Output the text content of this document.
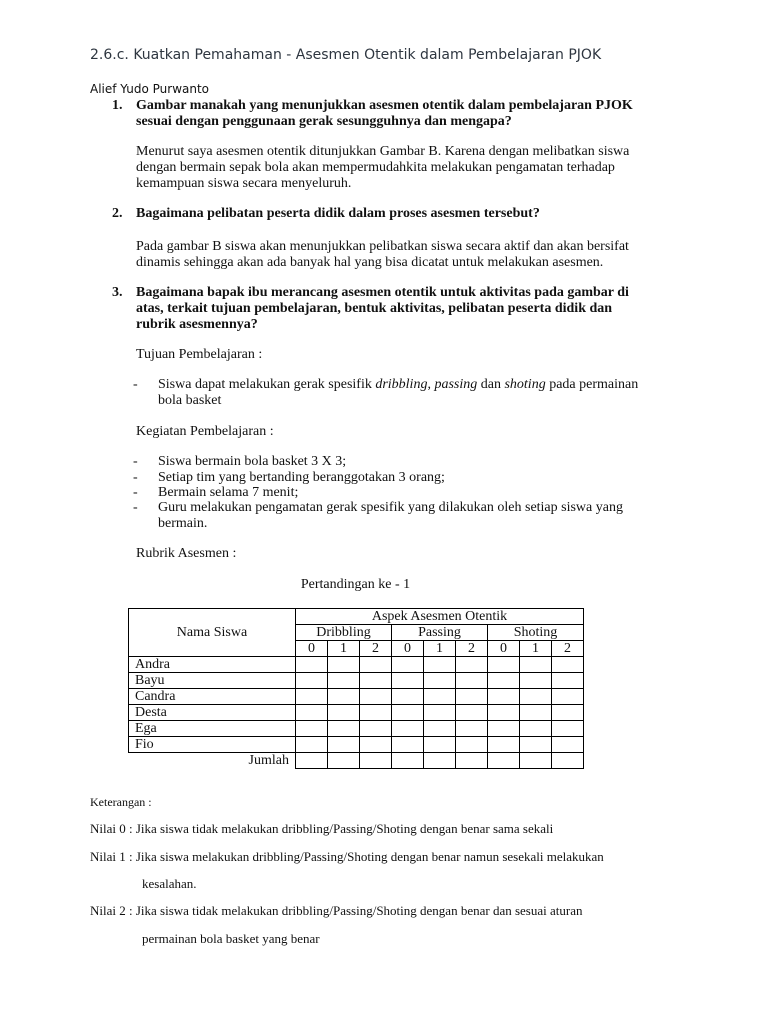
2.6.c. Kuatkan Pemahaman - Asesmen Otentik dalam Pembelajaran PJOK
Alief Yudo Purwanto
1. Gambar manakah yang menunjukkan asesmen otentik dalam pembelajaran PJOK
sesuai dengan penggunaan gerak sesungguhnya dan mengapa?
Menurut saya asesmen otentik ditunjukkan Gambar B. Karena dengan melibatkan siswa
dengan bermain sepak bola akan mempermudahkita melakukan pengamatan terhadap
kemampuan siswa secara menyeluruh.
2. Bagaimana pelibatan peserta didik dalam proses asesmen tersebut?
Pada gambar B siswa akan menunjukkan pelibatkan siswa secara aktif dan akan bersifat
dinamis sehingga akan ada banyak hal yang bisa dicatat untuk melakukan asesmen.
3. Bagaimana bapak ibu merancang asesmen otentik untuk aktivitas pada gambar di
atas, terkait tujuan pembelajaran, bentuk aktivitas, pelibatan peserta didik dan
rubrik asesmennya?
Tujuan Pembelajaran :
- Siswa dapat melakukan gerak spesifik dribbling, passing dan shoting pada permainan
bola basket
Kegiatan Pembelajaran :
- Siswa bermain bola basket 3 X 3;
- Setiap tim yang bertanding beranggotakan 3 orang;
- Bermain selama 7 menit;
- Guru melakukan pengamatan gerak spesifik yang dilakukan oleh setiap siswa yang
bermain.
Rubrik Asesmen :
Pertandingan ke - 1
Nama Siswa	Aspek Asesmen Otentik								
	Dribbling			Passing			Shoting		
	0	1	2	0	1	2	0	1	2
Andra									
Bayu									
Candra									
Desta									
Ega									
Fio									
Jumlah									
Keterangan :
Nilai 0 : Jika siswa tidak melakukan dribbling/Passing/Shoting dengan benar sama sekali
Nilai 1 : Jika siswa melakukan dribbling/Passing/Shoting dengan benar namun sesekali melakukan
kesalahan.
Nilai 2 : Jika siswa tidak melakukan dribbling/Passing/Shoting dengan benar dan sesuai aturan
permainan bola basket yang benar
